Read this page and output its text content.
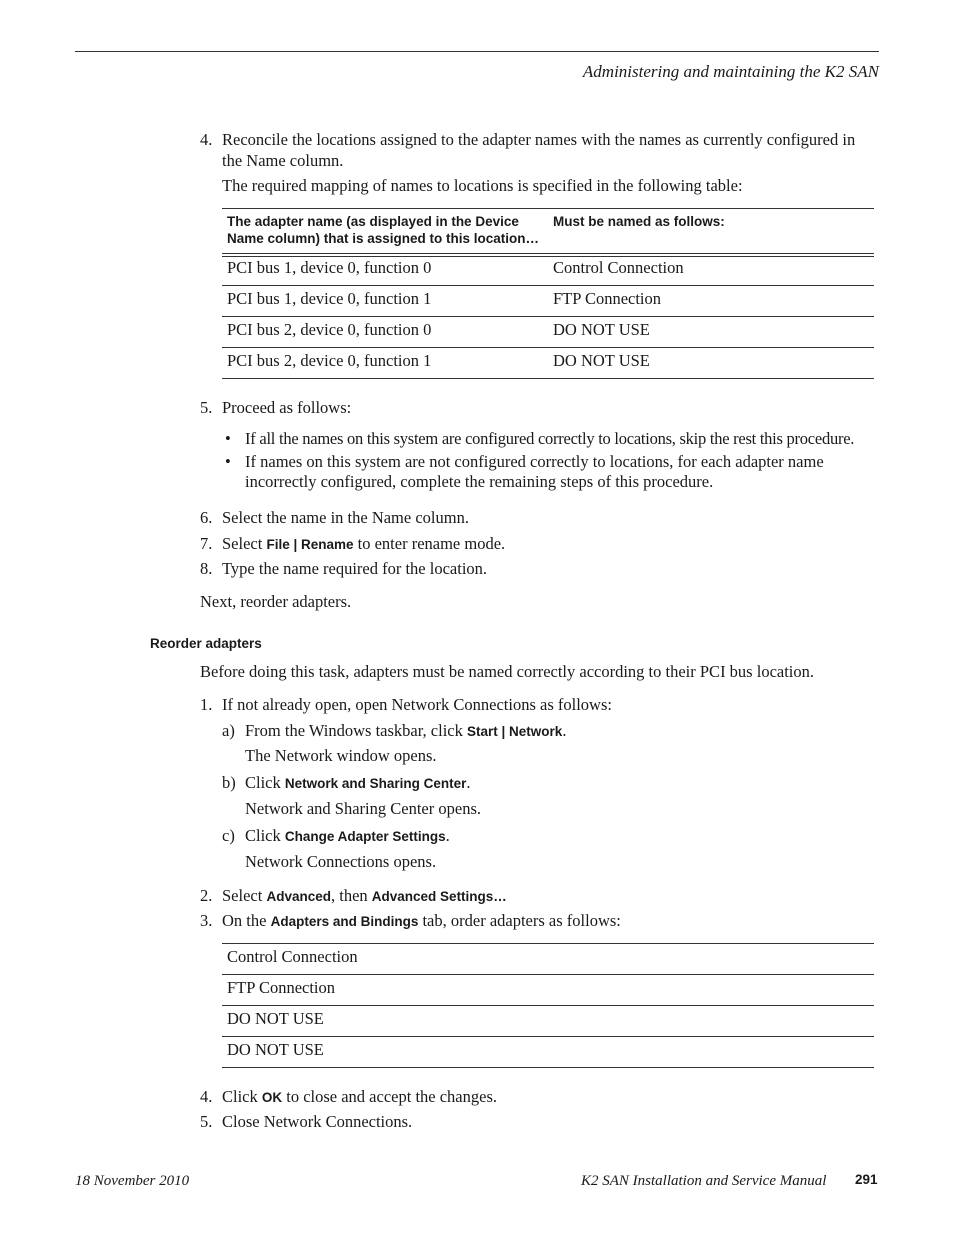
Administering and maintaining the K2 SAN
4. Reconcile the locations assigned to the adapter names with the names as currently configured in
the Name column.
The required mapping of names to locations is specified in the following table:
The adapter name (as displayed in the Device
Name column) that is assigned to this location…
Must be named as follows:
PCI bus 1, device 0, function 0	Control Connection
PCI bus 1, device 0, function 1	FTP Connection
PCI bus 2, device 0, function 0	DO NOT USE
PCI bus 2, device 0, function 1	DO NOT USE
5. Proceed as follows:
• If all the names on this system are configured correctly to locations, skip the rest this procedure.
• If names on this system are not configured correctly to locations, for each adapter name
incorrectly configured, complete the remaining steps of this procedure.
6. Select the name in the Name column.
7. Select File | Rename to enter rename mode.
8. Type the name required for the location.
Next, reorder adapters.
Reorder adapters
Before doing this task, adapters must be named correctly according to their PCI bus location.
1. If not already open, open Network Connections as follows:
a) From the Windows taskbar, click Start | Network.
The Network window opens.
b) Click Network and Sharing Center.
Network and Sharing Center opens.
c) Click Change Adapter Settings.
Network Connections opens.
2. Select Advanced, then Advanced Settings…
3. On the Adapters and Bindings tab, order adapters as follows:
Control Connection
FTP Connection
DO NOT USE
DO NOT USE
4. Click OK to close and accept the changes.
5. Close Network Connections.
18 November 2010	K2 SAN Installation and Service Manual 291
